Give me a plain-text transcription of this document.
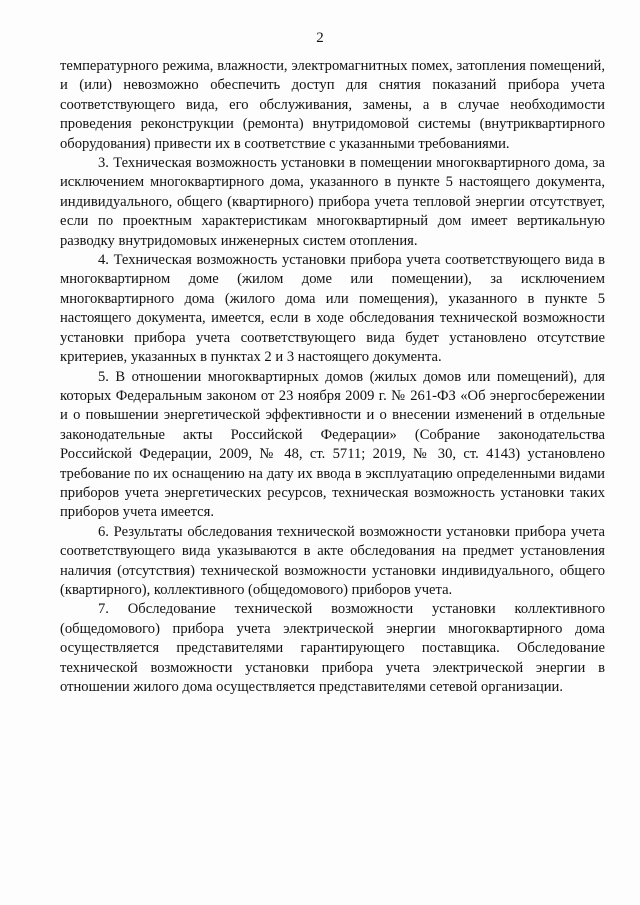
2

температурного режима, влажности, электромагнитных помех, затопления помещений, и (или) невозможно обеспечить доступ для снятия показаний прибора учета соответствующего вида, его обслуживания, замены, а в случае необходимости проведения реконструкции (ремонта) внутридомовой системы (внутриквартирного оборудования) привести их в соответствие с указанными требованиями.

3. Техническая возможность установки в помещении многоквартирного дома, за исключением многоквартирного дома, указанного в пункте 5 настоящего документа, индивидуального, общего (квартирного) прибора учета тепловой энергии отсутствует, если по проектным характеристикам многоквартирный дом имеет вертикальную разводку внутридомовых инженерных систем отопления.

4. Техническая возможность установки прибора учета соответствующего вида в многоквартирном доме (жилом доме или помещении), за исключением многоквартирного дома (жилого дома или помещения), указанного в пункте 5 настоящего документа, имеется, если в ходе обследования технической возможности установки прибора учета соответствующего вида будет установлено отсутствие критериев, указанных в пунктах 2 и 3 настоящего документа.

5. В отношении многоквартирных домов (жилых домов или помещений), для которых Федеральным законом от 23 ноября 2009 г. № 261-ФЗ «Об энергосбережении и о повышении энергетической эффективности и о внесении изменений в отдельные законодательные акты Российской Федерации» (Собрание законодательства Российской Федерации, 2009, № 48, ст. 5711; 2019, № 30, ст. 4143) установлено требование по их оснащению на дату их ввода в эксплуатацию определенными видами приборов учета энергетических ресурсов, техническая возможность установки таких приборов учета имеется.

6. Результаты обследования технической возможности установки прибора учета соответствующего вида указываются в акте обследования на предмет установления наличия (отсутствия) технической возможности установки индивидуального, общего (квартирного), коллективного (общедомового) приборов учета.

7. Обследование технической возможности установки коллективного (общедомового) прибора учета электрической энергии многоквартирного дома осуществляется представителями гарантирующего поставщика. Обследование технической возможности установки прибора учета электрической энергии в отношении жилого дома осуществляется представителями сетевой организации.
